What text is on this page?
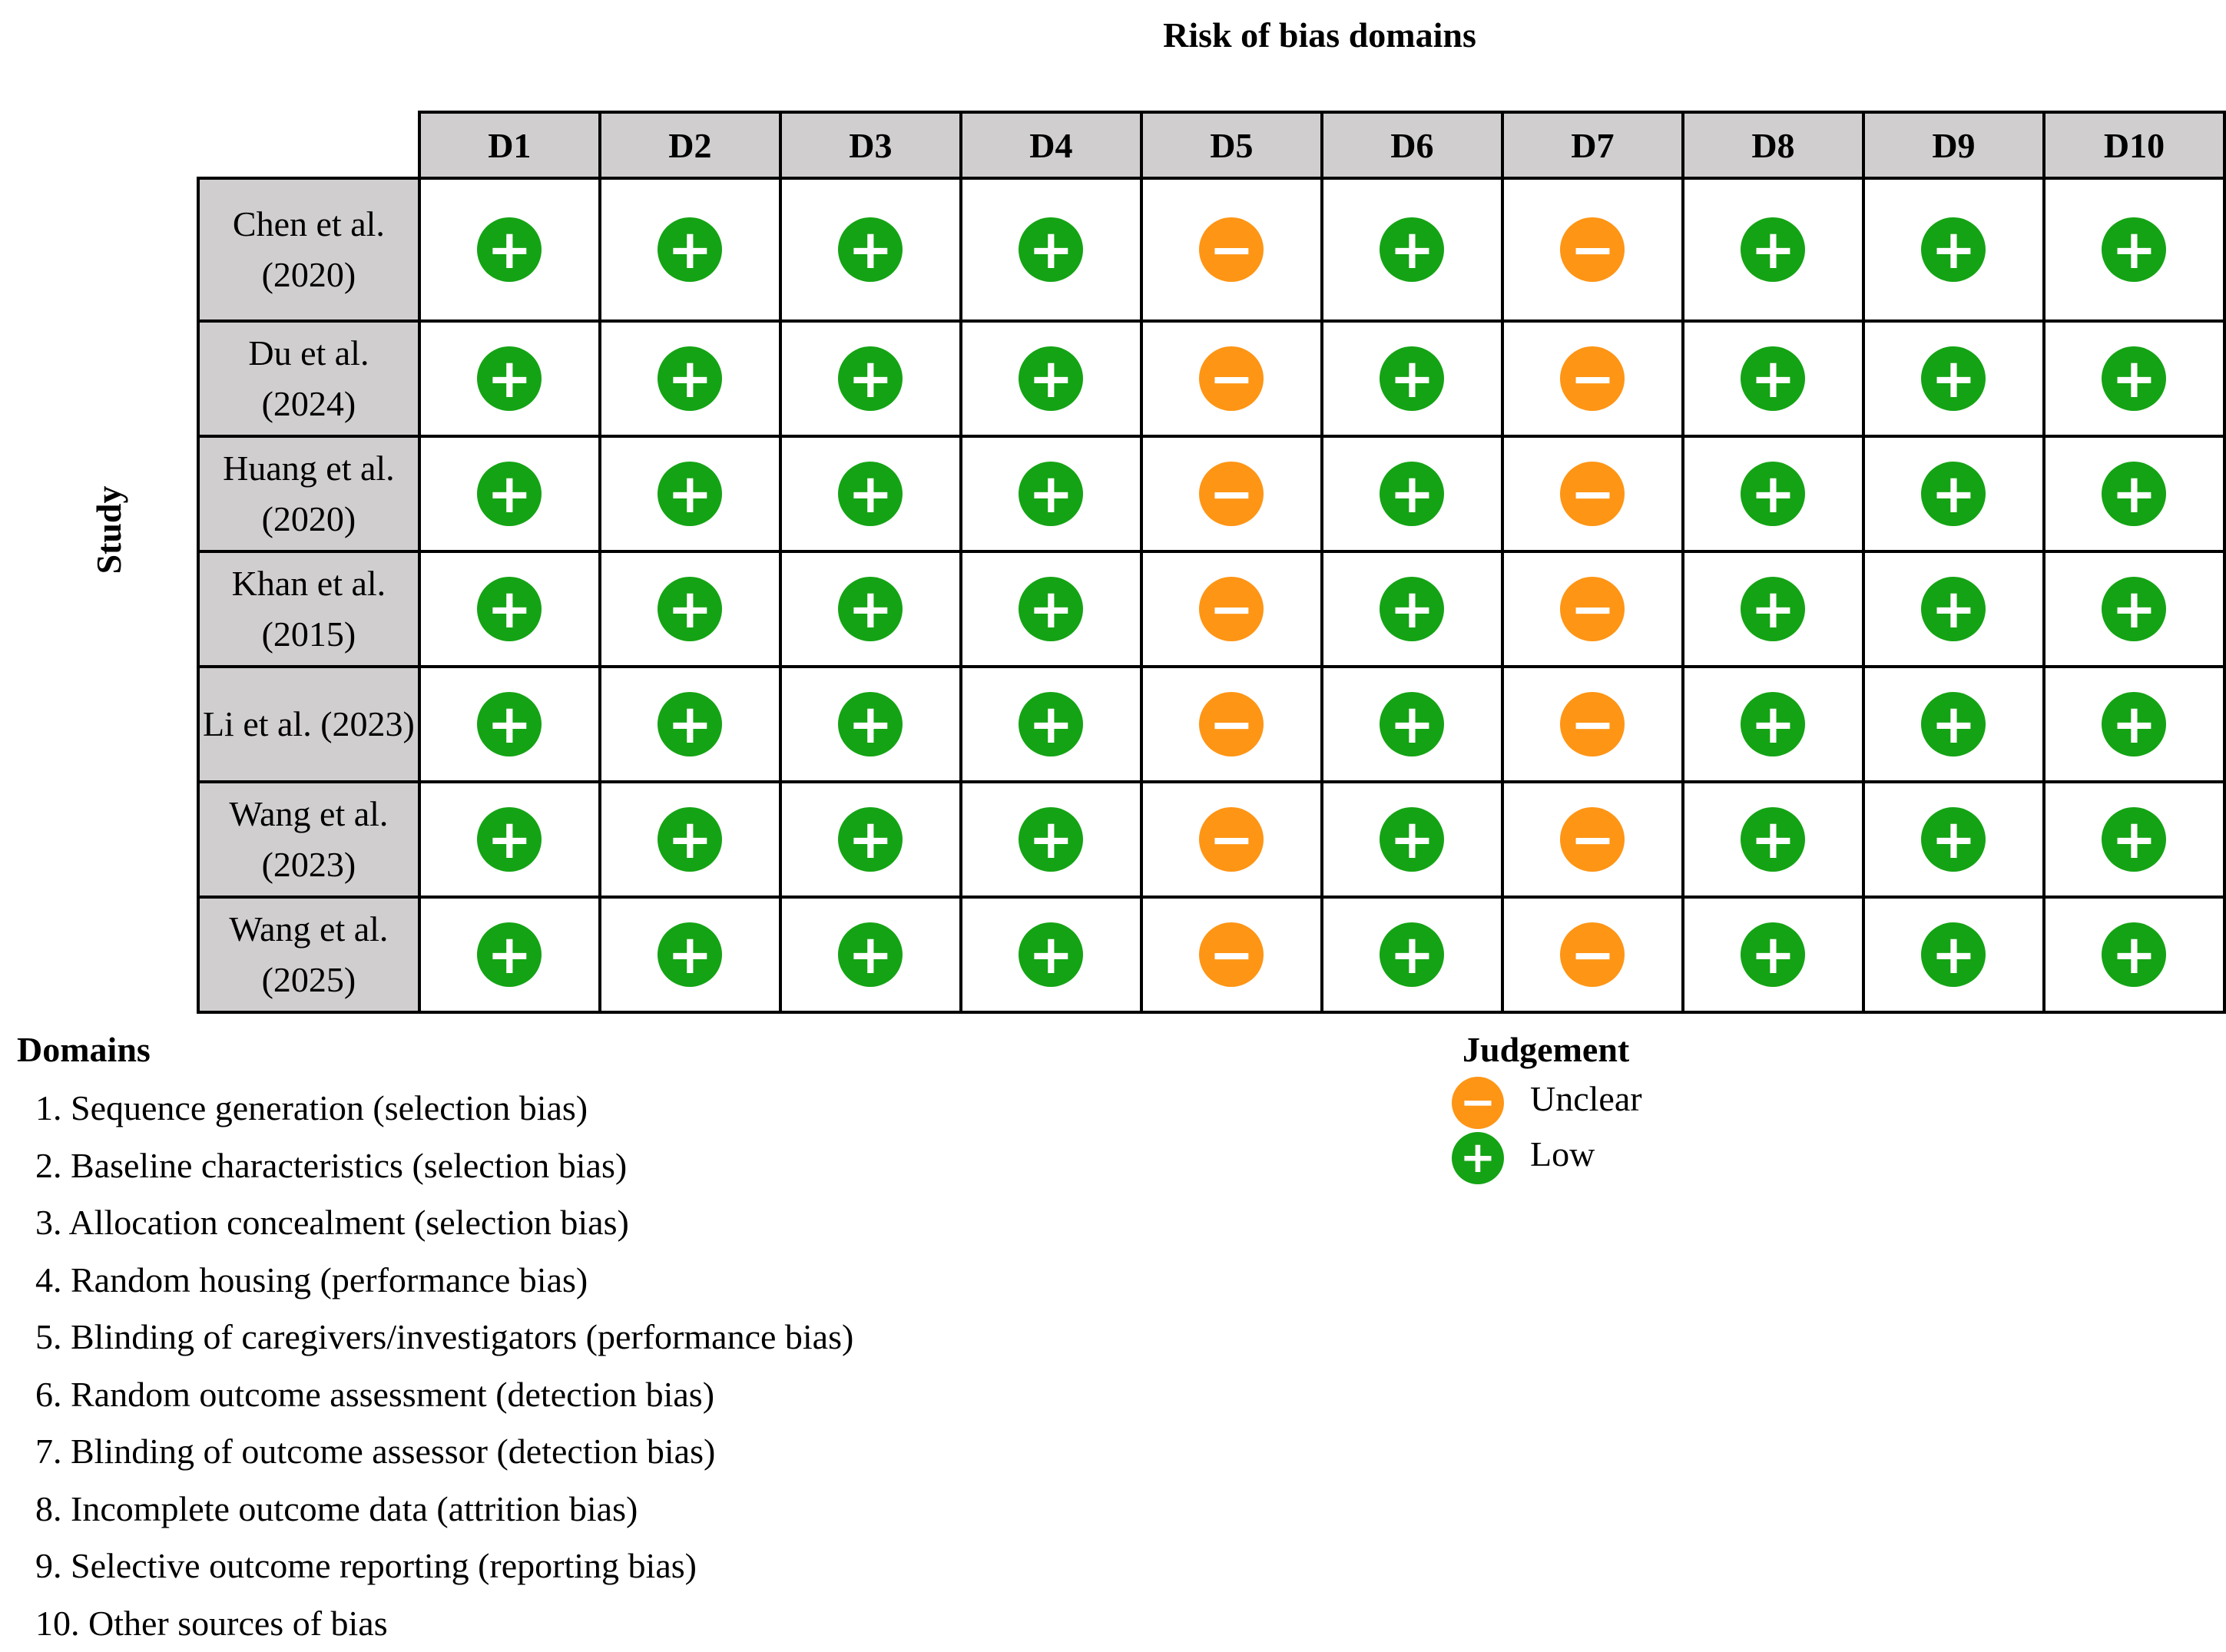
Risk of bias domains
Study
	D1	D2	D3	D4	D5	D6	D7	D8	D9	D10
Chen et al. (2020)	+	+	+	+	−	+	−	+	+	+

Du et al. (2024)	+	+	+	+	−	+	−	+	+	+

Huang et al. (2020)	+	+	+	+	−	+	−	+	+	+

Khan et al. (2015)	+	+	+	+	−	+	−	+	+	+

Li et al. (2023)	+	+	+	+	−	+	−	+	+	+

Wang et al. (2023)	+	+	+	+	−	+	−	+	+	+

Wang et al. (2025)	+	+	+	+	−	+	−	+	+	+
Domains
1. Sequence generation (selection bias)
2. Baseline characteristics (selection bias)
3. Allocation concealment (selection bias)
4. Random housing (performance bias)
5. Blinding of caregivers/investigators (performance bias)
6. Random outcome assessment (detection bias)
7. Blinding of outcome assessor (detection bias)
8. Incomplete outcome data (attrition bias)
9. Selective outcome reporting (reporting bias)
10. Other sources of bias
Judgement
− Unclear
+ Low
